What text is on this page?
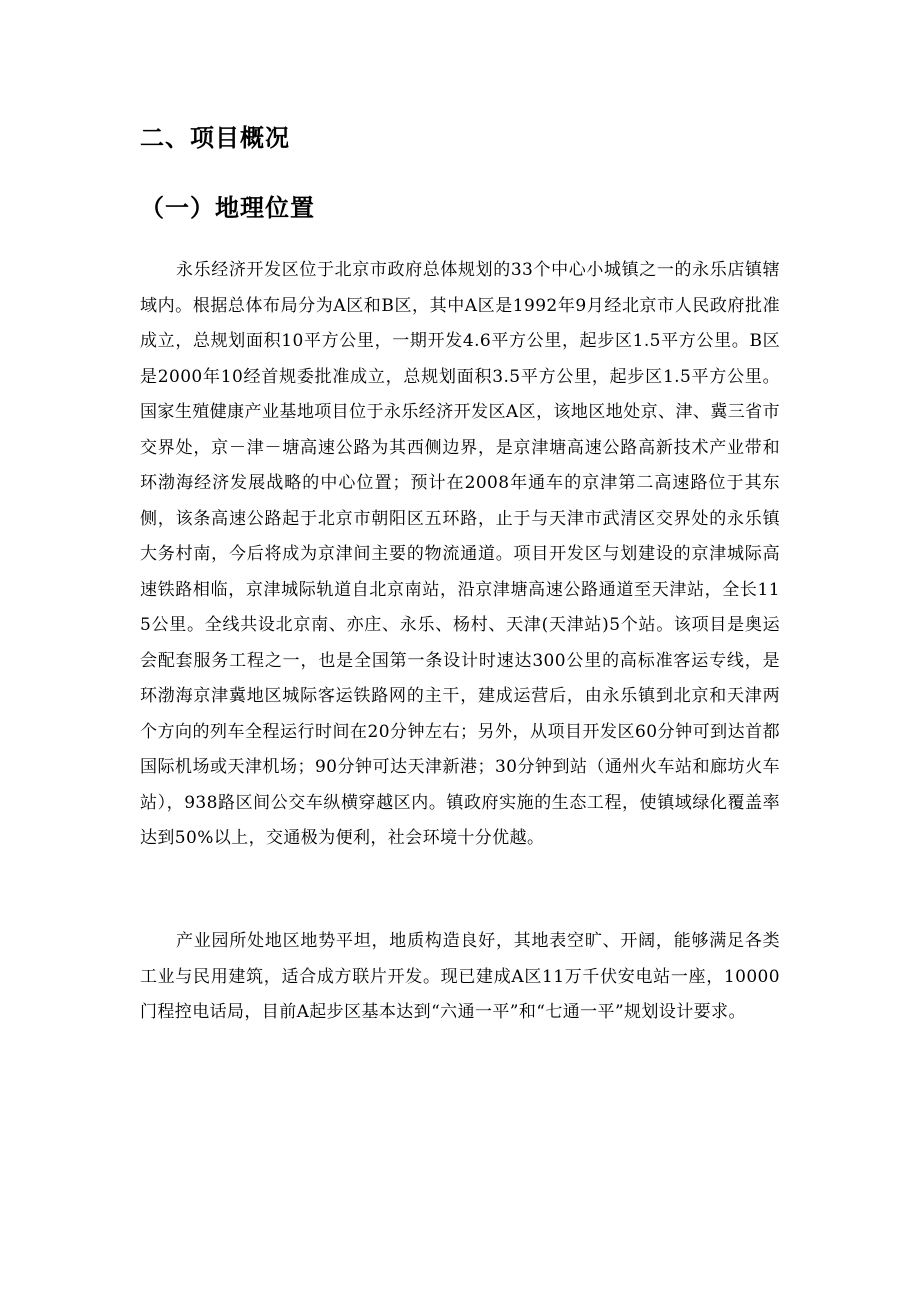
二、项目概况
（一）地理位置

永乐经济开发区位于北京市政府总体规划的33个中心小城镇之一的永乐店镇辖域内。根据总体布局分为A区和B区，其中A区是1992年9月经北京市人民政府批准成立，总规划面积10平方公里，一期开发4.6平方公里，起步区1.5平方公里。B区是2000年10经首规委批准成立，总规划面积3.5平方公里，起步区1.5平方公里。国家生殖健康产业基地项目位于永乐经济开发区A区，该地区地处京、津、冀三省市交界处，京－津－塘高速公路为其西侧边界，是京津塘高速公路高新技术产业带和环渤海经济发展战略的中心位置；预计在2008年通车的京津第二高速路位于其东侧，该条高速公路起于北京市朝阳区五环路，止于与天津市武清区交界处的永乐镇大务村南，今后将成为京津间主要的物流通道。项目开发区与划建设的京津城际高速铁路相临，京津城际轨道自北京南站，沿京津塘高速公路通道至天津站，全长115公里。全线共设北京南、亦庄、永乐、杨村、天津(天津站)5个站。该项目是奥运会配套服务工程之一，也是全国第一条设计时速达300公里的高标准客运专线，是环渤海京津冀地区城际客运铁路网的主干，建成运营后，由永乐镇到北京和天津两个方向的列车全程运行时间在20分钟左右；另外，从项目开发区60分钟可到达首都国际机场或天津机场；90分钟可达天津新港；30分钟到站（通州火车站和廊坊火车站），938路区间公交车纵横穿越区内。镇政府实施的生态工程，使镇域绿化覆盖率达到50%以上，交通极为便利，社会环境十分优越。

产业园所处地区地势平坦，地质构造良好，其地表空旷、开阔，能够满足各类工业与民用建筑，适合成方联片开发。现已建成A区11万千伏安电站一座，10000门程控电话局，目前A起步区基本达到“六通一平”和“七通一平”规划设计要求。
